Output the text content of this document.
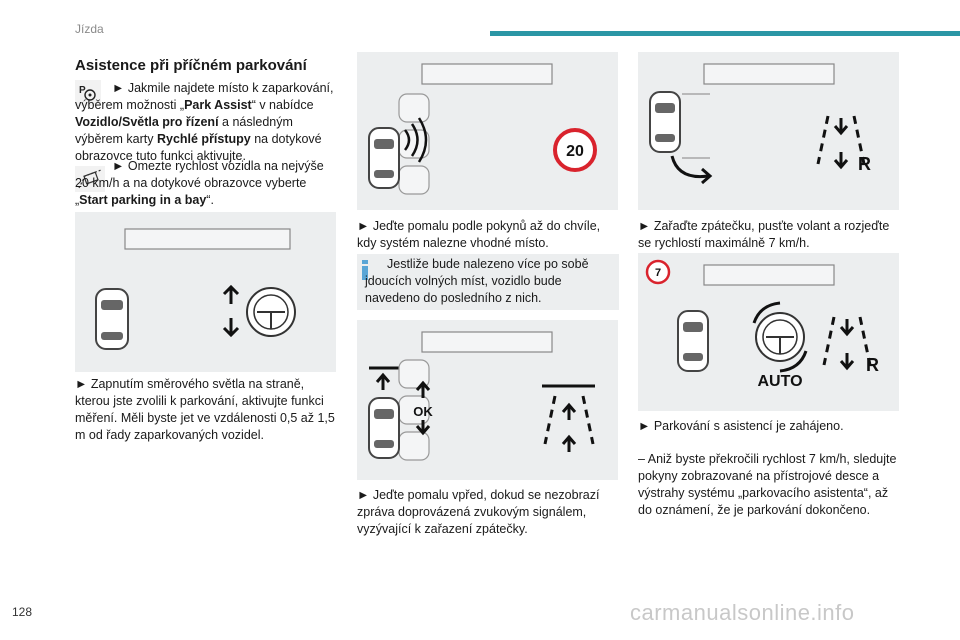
Jízda
Asistence při příčném parkování
P	► Jakmile najdete místo k zaparkování, výběrem možnosti „Park Assist“ v nabídce Vozidlo/Světla pro řízení a následným výběrem karty Rychlé přístupy na dotykové obrazovce tuto funkci aktivujte.

► Omezte rychlost vozidla na nejvýše 20 km/h a na dotykové obrazovce vyberte „Start parking in a bay“.

► Zapnutím směrového světla na straně, kterou jste zvolili k parkování, aktivujte funkci měření. Měli byste jet ve vzdálenosti 0,5 až 1,5 m od řady zaparkovaných vozidel.

20

► Jeďte pomalu podle pokynů až do chvíle, kdy systém nalezne vhodné místo.

Jestliže bude nalezeno více po sobě jdoucích volných míst, vozidlo bude navedeno do posledního z nich.

OK

► Jeďte pomalu vpřed, dokud se nezobrazí zpráva doprovázená zvukovým signálem, vyzývající k zařazení zpátečky.

R

► Zařaďte zpátečku, pusťte volant a rozjeďte se rychlostí maximálně 7 km/h.

7
AUTO
R

► Parkování s asistencí je zahájeno.

– Aniž byste překročili rychlost 7 km/h, sledujte pokyny zobrazované na přístrojové desce a výstrahy systému „parkovacího asistenta“, až do oznámení, že je parkování dokončeno.

128	carmanualsonline.info
